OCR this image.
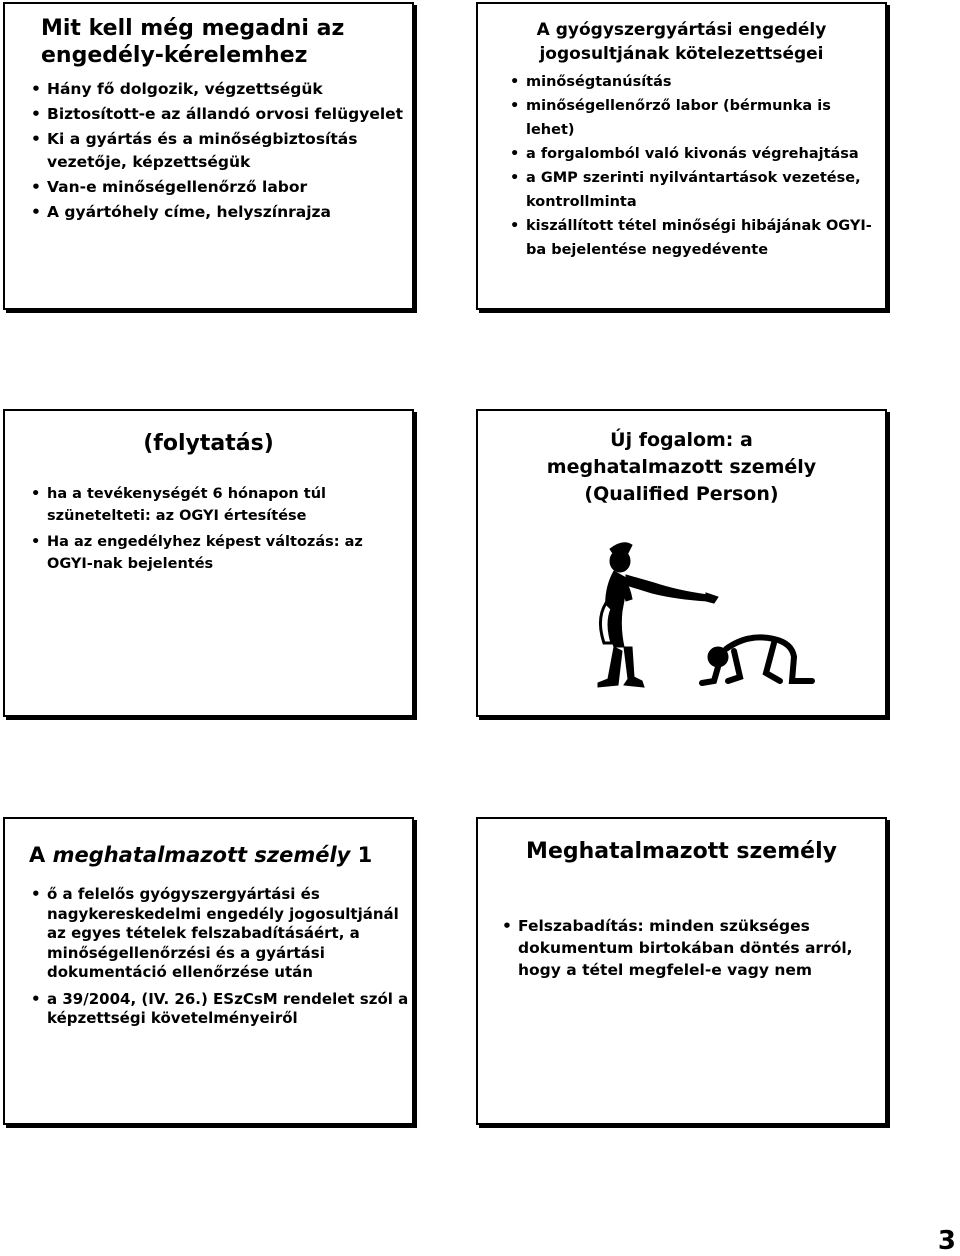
Mit kell még megadni az engedély-kérelemhez
• Hány fő dolgozik, végzettségük
• Biztosított-e az állandó orvosi felügyelet
• Ki a gyártás és a minőségbiztosítás vezetője, képzettségük
• Van-e minőségellenőrző labor
• A gyártóhely címe, helyszínrajza
A gyógyszergyártási engedély jogosultjának kötelezettségei
• minőségtanúsítás
• minőségellenőrző labor (bérmunka is lehet)
• a forgalomból való kivonás végrehajtása
• a GMP szerinti nyilvántartások vezetése, kontrollminta
• kiszállított tétel minőségi hibájának OGYI-ba bejelentése negyedévente
(folytatás)
• ha a tevékenységét 6 hónapon túl szünetelteti: az OGYI értesítése
• Ha az engedélyhez képest változás: az OGYI-nak bejelentés
Új fogalom: a
meghatalmazott személy
(Qualified Person)
A meghatalmazott személy 1
• ő a felelős gyógyszergyártási és nagykereskedelmi engedély jogosultjánál az egyes tételek felszabadításáért, a minőségellenőrzési és a gyártási dokumentáció ellenőrzése után
• a 39/2004, (IV. 26.) ESzCsM rendelet szól a képzettségi követelményeiről
Meghatalmazott személy
• Felszabadítás: minden szükséges dokumentum birtokában döntés arról, hogy a tétel megfelel-e vagy nem
3
